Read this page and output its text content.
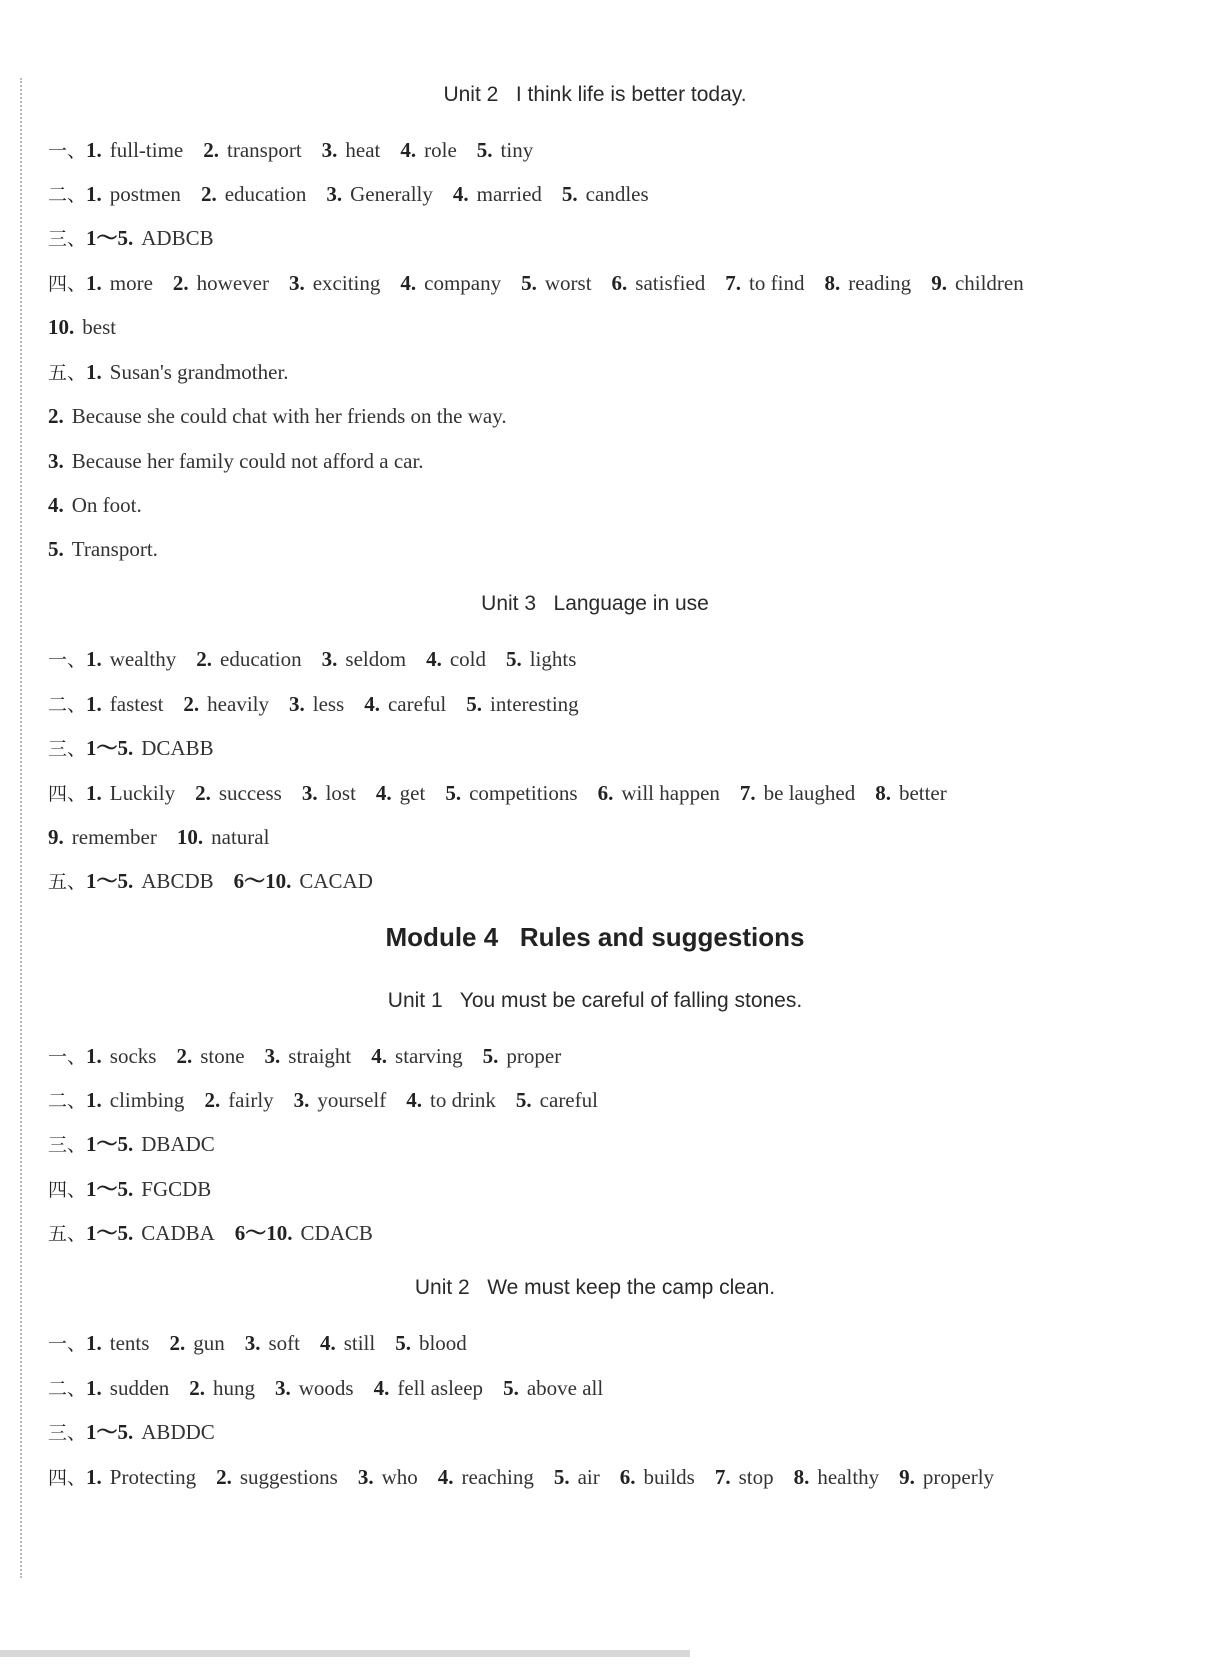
Unit 2   I think life is better today.
一、1. full-time 2. transport 3. heat 4. role 5. tiny
二、1. postmen 2. education 3. Generally 4. married 5. candles
三、1～5. ADBCB
四、1. more 2. however 3. exciting 4. company 5. worst 6. satisfied 7. to find 8. reading 9. children
10. best
五、1. Susan's grandmother.
2. Because she could chat with her friends on the way.
3. Because her family could not afford a car.
4. On foot.
5. Transport.
Unit 3   Language in use
一、1. wealthy 2. education 3. seldom 4. cold 5. lights
二、1. fastest 2. heavily 3. less 4. careful 5. interesting
三、1～5. DCABB
四、1. Luckily 2. success 3. lost 4. get 5. competitions 6. will happen 7. be laughed 8. better
9. remember 10. natural
五、1～5. ABCDB 6～10. CACAD
Module 4   Rules and suggestions
Unit 1   You must be careful of falling stones.
一、1. socks 2. stone 3. straight 4. starving 5. proper
二、1. climbing 2. fairly 3. yourself 4. to drink 5. careful
三、1～5. DBADC
四、1～5. FGCDB
五、1～5. CADBA 6～10. CDACB
Unit 2   We must keep the camp clean.
一、1. tents 2. gun 3. soft 4. still 5. blood
二、1. sudden 2. hung 3. woods 4. fell asleep 5. above all
三、1～5. ABDDC
四、1. Protecting 2. suggestions 3. who 4. reaching 5. air 6. builds 7. stop 8. healthy 9. properly
